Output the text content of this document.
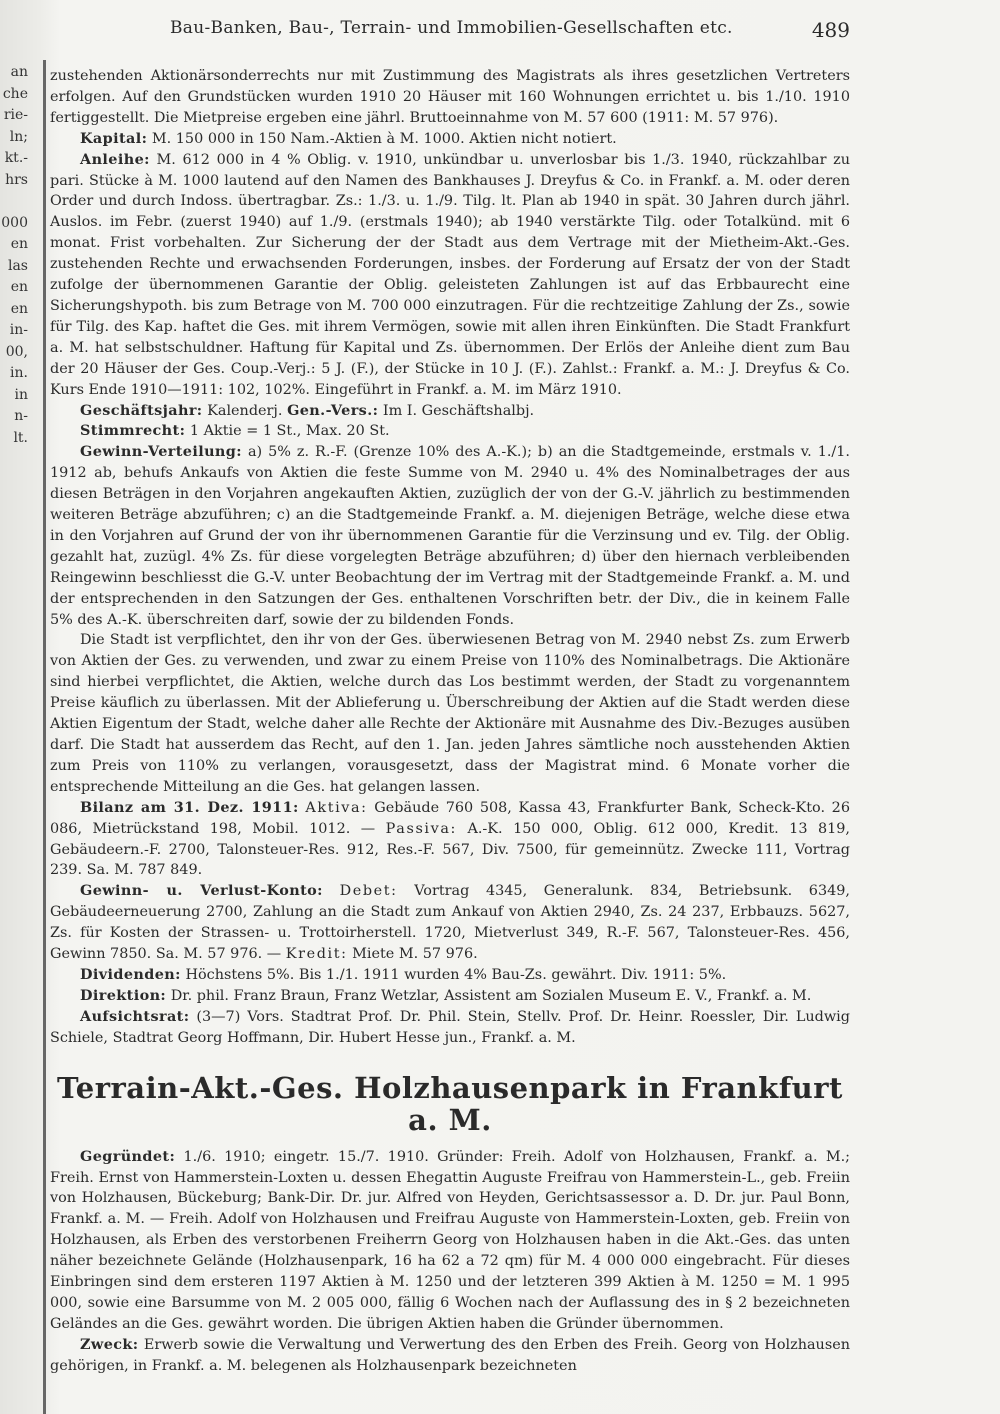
an
che
rie-
ln;
kt.-
hrs
000
en
las
en
en
in-
00,
in.
in
n-
lt.
Bau-Banken, Bau-, Terrain- und Immobilien-Gesellschaften etc.	489

zustehenden Aktionärsonderrechts nur mit Zustimmung des Magistrats als ihres gesetzlichen Vertreters erfolgen. Auf den Grundstücken wurden 1910 20 Häuser mit 160 Wohnungen errichtet u. bis 1./10. 1910 fertiggestellt. Die Mietpreise ergeben eine jährl. Bruttoeinnahme von M. 57 600 (1911: M. 57 976).

Kapital: M. 150 000 in 150 Nam.-Aktien à M. 1000. Aktien nicht notiert.

Anleihe: M. 612 000 in 4 % Oblig. v. 1910, unkündbar u. unverlosbar bis 1./3. 1940, rückzahlbar zu pari. Stücke à M. 1000 lautend auf den Namen des Bankhauses J. Dreyfus & Co. in Frankf. a. M. oder deren Order und durch Indoss. übertragbar. Zs.: 1./3. u. 1./9. Tilg. lt. Plan ab 1940 in spät. 30 Jahren durch jährl. Auslos. im Febr. (zuerst 1940) auf 1./9. (erstmals 1940); ab 1940 verstärkte Tilg. oder Totalkünd. mit 6 monat. Frist vorbehalten. Zur Sicherung der der Stadt aus dem Vertrage mit der Mietheim-Akt.-Ges. zustehenden Rechte und erwachsenden Forderungen, insbes. der Forderung auf Ersatz der von der Stadt zufolge der übernommenen Garantie der Oblig. geleisteten Zahlungen ist auf das Erbbaurecht eine Sicherungshypoth. bis zum Betrage von M. 700 000 einzutragen. Für die rechtzeitige Zahlung der Zs., sowie für Tilg. des Kap. haftet die Ges. mit ihrem Vermögen, sowie mit allen ihren Einkünften. Die Stadt Frankfurt a. M. hat selbstschuldner. Haftung für Kapital und Zs. übernommen. Der Erlös der Anleihe dient zum Bau der 20 Häuser der Ges. Coup.-Verj.: 5 J. (F.), der Stücke in 10 J. (F.). Zahlst.: Frankf. a. M.: J. Dreyfus & Co. Kurs Ende 1910—1911: 102, 102%. Eingeführt in Frankf. a. M. im März 1910.

Geschäftsjahr: Kalenderj. Gen.-Vers.: Im I. Geschäftshalbj.

Stimmrecht: 1 Aktie = 1 St., Max. 20 St.

Gewinn-Verteilung: a) 5% z. R.-F. (Grenze 10% des A.-K.); b) an die Stadtgemeinde, erstmals v. 1./1. 1912 ab, behufs Ankaufs von Aktien die feste Summe von M. 2940 u. 4% des Nominalbetrages der aus diesen Beträgen in den Vorjahren angekauften Aktien, zuzüglich der von der G.-V. jährlich zu bestimmenden weiteren Beträge abzuführen; c) an die Stadtgemeinde Frankf. a. M. diejenigen Beträge, welche diese etwa in den Vorjahren auf Grund der von ihr übernommenen Garantie für die Verzinsung und ev. Tilg. der Oblig. gezahlt hat, zuzügl. 4% Zs. für diese vorgelegten Beträge abzuführen; d) über den hiernach verbleibenden Reingewinn beschliesst die G.-V. unter Beobachtung der im Vertrag mit der Stadtgemeinde Frankf. a. M. und der entsprechenden in den Satzungen der Ges. enthaltenen Vorschriften betr. der Div., die in keinem Falle 5% des A.-K. überschreiten darf, sowie der zu bildenden Fonds.

Die Stadt ist verpflichtet, den ihr von der Ges. überwiesenen Betrag von M. 2940 nebst Zs. zum Erwerb von Aktien der Ges. zu verwenden, und zwar zu einem Preise von 110% des Nominalbetrags. Die Aktionäre sind hierbei verpflichtet, die Aktien, welche durch das Los bestimmt werden, der Stadt zu vorgenanntem Preise käuflich zu überlassen. Mit der Ablieferung u. Überschreibung der Aktien auf die Stadt werden diese Aktien Eigentum der Stadt, welche daher alle Rechte der Aktionäre mit Ausnahme des Div.-Bezuges ausüben darf. Die Stadt hat ausserdem das Recht, auf den 1. Jan. jeden Jahres sämtliche noch ausstehenden Aktien zum Preis von 110% zu verlangen, vorausgesetzt, dass der Magistrat mind. 6 Monate vorher die entsprechende Mitteilung an die Ges. hat gelangen lassen.

Bilanz am 31. Dez. 1911: Aktiva: Gebäude 760 508, Kassa 43, Frankfurter Bank, Scheck-Kto. 26 086, Mietrückstand 198, Mobil. 1012. — Passiva: A.-K. 150 000, Oblig. 612 000, Kredit. 13 819, Gebäudeern.-F. 2700, Talonsteuer-Res. 912, Res.-F. 567, Div. 7500, für gemeinnütz. Zwecke 111, Vortrag 239. Sa. M. 787 849.

Gewinn- u. Verlust-Konto: Debet: Vortrag 4345, Generalunk. 834, Betriebsunk. 6349, Gebäudeerneuerung 2700, Zahlung an die Stadt zum Ankauf von Aktien 2940, Zs. 24 237, Erbbauzs. 5627, Zs. für Kosten der Strassen- u. Trottoirherstell. 1720, Mietverlust 349, R.-F. 567, Talonsteuer-Res. 456, Gewinn 7850. Sa. M. 57 976. — Kredit: Miete M. 57 976.

Dividenden: Höchstens 5%. Bis 1./1. 1911 wurden 4% Bau-Zs. gewährt. Div. 1911: 5%.

Direktion: Dr. phil. Franz Braun, Franz Wetzlar, Assistent am Sozialen Museum E. V., Frankf. a. M.

Aufsichtsrat: (3—7) Vors. Stadtrat Prof. Dr. Phil. Stein, Stellv. Prof. Dr. Heinr. Roessler, Dir. Ludwig Schiele, Stadtrat Georg Hoffmann, Dir. Hubert Hesse jun., Frankf. a. M.

Terrain-Akt.-Ges. Holzhausenpark in Frankfurt a. M.

Gegründet: 1./6. 1910; eingetr. 15./7. 1910. Gründer: Freih. Adolf von Holzhausen, Frankf. a. M.; Freih. Ernst von Hammerstein-Loxten u. dessen Ehegattin Auguste Freifrau von Hammerstein-L., geb. Freiin von Holzhausen, Bückeburg; Bank-Dir. Dr. jur. Alfred von Heyden, Gerichtsassessor a. D. Dr. jur. Paul Bonn, Frankf. a. M. — Freih. Adolf von Holzhausen und Freifrau Auguste von Hammerstein-Loxten, geb. Freiin von Holzhausen, als Erben des verstorbenen Freiherrn Georg von Holzhausen haben in die Akt.-Ges. das unten näher bezeichnete Gelände (Holzhausenpark, 16 ha 62 a 72 qm) für M. 4 000 000 eingebracht. Für dieses Einbringen sind dem ersteren 1197 Aktien à M. 1250 und der letzteren 399 Aktien à M. 1250 = M. 1 995 000, sowie eine Barsumme von M. 2 005 000, fällig 6 Wochen nach der Auflassung des in § 2 bezeichneten Geländes an die Ges. gewährt worden. Die übrigen Aktien haben die Gründer übernommen.

Zweck: Erwerb sowie die Verwaltung und Verwertung des den Erben des Freih. Georg von Holzhausen gehörigen, in Frankf. a. M. belegenen als Holzhausenpark bezeichneten
